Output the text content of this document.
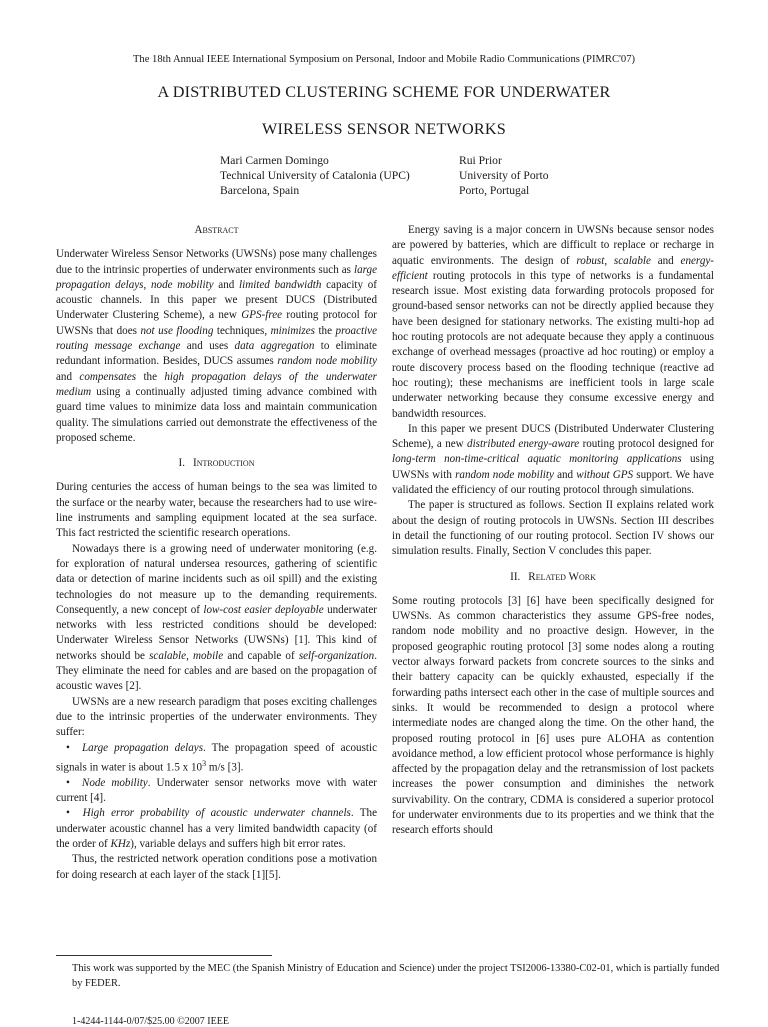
The 18th Annual IEEE International Symposium on Personal, Indoor and Mobile Radio Communications (PIMRC'07)
A DISTRIBUTED CLUSTERING SCHEME FOR UNDERWATER
WIRELESS SENSOR NETWORKS
Mari Carmen Domingo
Technical University of Catalonia (UPC)
Barcelona, Spain
Rui Prior
University of Porto
Porto, Portugal

Abstract

Underwater Wireless Sensor Networks (UWSNs) pose many challenges due to the intrinsic properties of underwater environments such as large propagation delays, node mobility and limited bandwidth capacity of acoustic channels. In this paper we present DUCS (Distributed Underwater Clustering Scheme), a new GPS-free routing protocol for UWSNs that does not use flooding techniques, minimizes the proactive routing message exchange and uses data aggregation to eliminate redundant information. Besides, DUCS assumes random node mobility and compensates the high propagation delays of the underwater medium using a continually adjusted timing advance combined with guard time values to minimize data loss and maintain communication quality. The simulations carried out demonstrate the effectiveness of the proposed scheme.

I. Introduction

During centuries the access of human beings to the sea was limited to the surface or the nearby water, because the researchers had to use wire-line instruments and sampling equipment located at the sea surface. This fact restricted the scientific research operations.

Nowadays there is a growing need of underwater monitoring (e.g. for exploration of natural undersea resources, gathering of scientific data or detection of marine incidents such as oil spill) and the existing technologies do not measure up to the demanding requirements. Consequently, a new concept of low-cost easier deployable underwater networks with less restricted conditions should be developed: Underwater Wireless Sensor Networks (UWSNs) [1]. This kind of networks should be scalable, mobile and capable of self-organization. They eliminate the need for cables and are based on the propagation of acoustic waves [2].

UWSNs are a new research paradigm that poses exciting challenges due to the intrinsic properties of the underwater environments. They suffer:

•  Large propagation delays. The propagation speed of acoustic signals in water is about 1.5 x $10^3$ m/s [3].

•  Node mobility. Underwater sensor networks move with water current [4].

•  High error probability of acoustic underwater channels. The underwater acoustic channel has a very limited bandwidth capacity (of the order of KHz), variable delays and suffers high bit error rates.

Thus, the restricted network operation conditions pose a motivation for doing research at each layer of the stack [1][5].

Energy saving is a major concern in UWSNs because sensor nodes are powered by batteries, which are difficult to replace or recharge in aquatic environments. The design of robust, scalable and energy-efficient routing protocols in this type of networks is a fundamental research issue. Most existing data forwarding protocols proposed for ground-based sensor networks can not be directly applied because they have been designed for stationary networks. The existing multi-hop ad hoc routing protocols are not adequate because they apply a continuous exchange of overhead messages (proactive ad hoc routing) or employ a route discovery process based on the flooding technique (reactive ad hoc routing); these mechanisms are inefficient tools in large scale underwater networking because they consume excessive energy and bandwidth resources.

In this paper we present DUCS (Distributed Underwater Clustering Scheme), a new distributed energy-aware routing protocol designed for long-term non-time-critical aquatic monitoring applications using UWSNs with random node mobility and without GPS support. We have validated the efficiency of our routing protocol through simulations.

The paper is structured as follows. Section II explains related work about the design of routing protocols in UWSNs. Section III describes in detail the functioning of our routing protocol. Section IV shows our simulation results. Finally, Section V concludes this paper.

II. Related Work

Some routing protocols [3] [6] have been specifically designed for UWSNs. As common characteristics they assume GPS-free nodes, random node mobility and no proactive design. However, in the proposed geographic routing protocol [3] some nodes along a routing vector always forward packets from concrete sources to the sinks and their battery capacity can be quickly exhausted, especially if the forwarding paths intersect each other in the case of multiple sources and sinks. It would be recommended to design a protocol where intermediate nodes are changed along the time. On the other hand, the proposed routing protocol in [6] uses pure ALOHA as contention avoidance method, a low efficient protocol whose performance is highly affected by the propagation delay and the retransmission of lost packets increases the power consumption and diminishes the network survivability. On the contrary, CDMA is considered a superior protocol for underwater environments due to its properties and we think that the research efforts should

This work was supported by the MEC (the Spanish Ministry of Education and Science) under the project TSI2006-13380-C02-01, which is partially funded by FEDER.
1-4244-1144-0/07/$25.00 ©2007 IEEE
